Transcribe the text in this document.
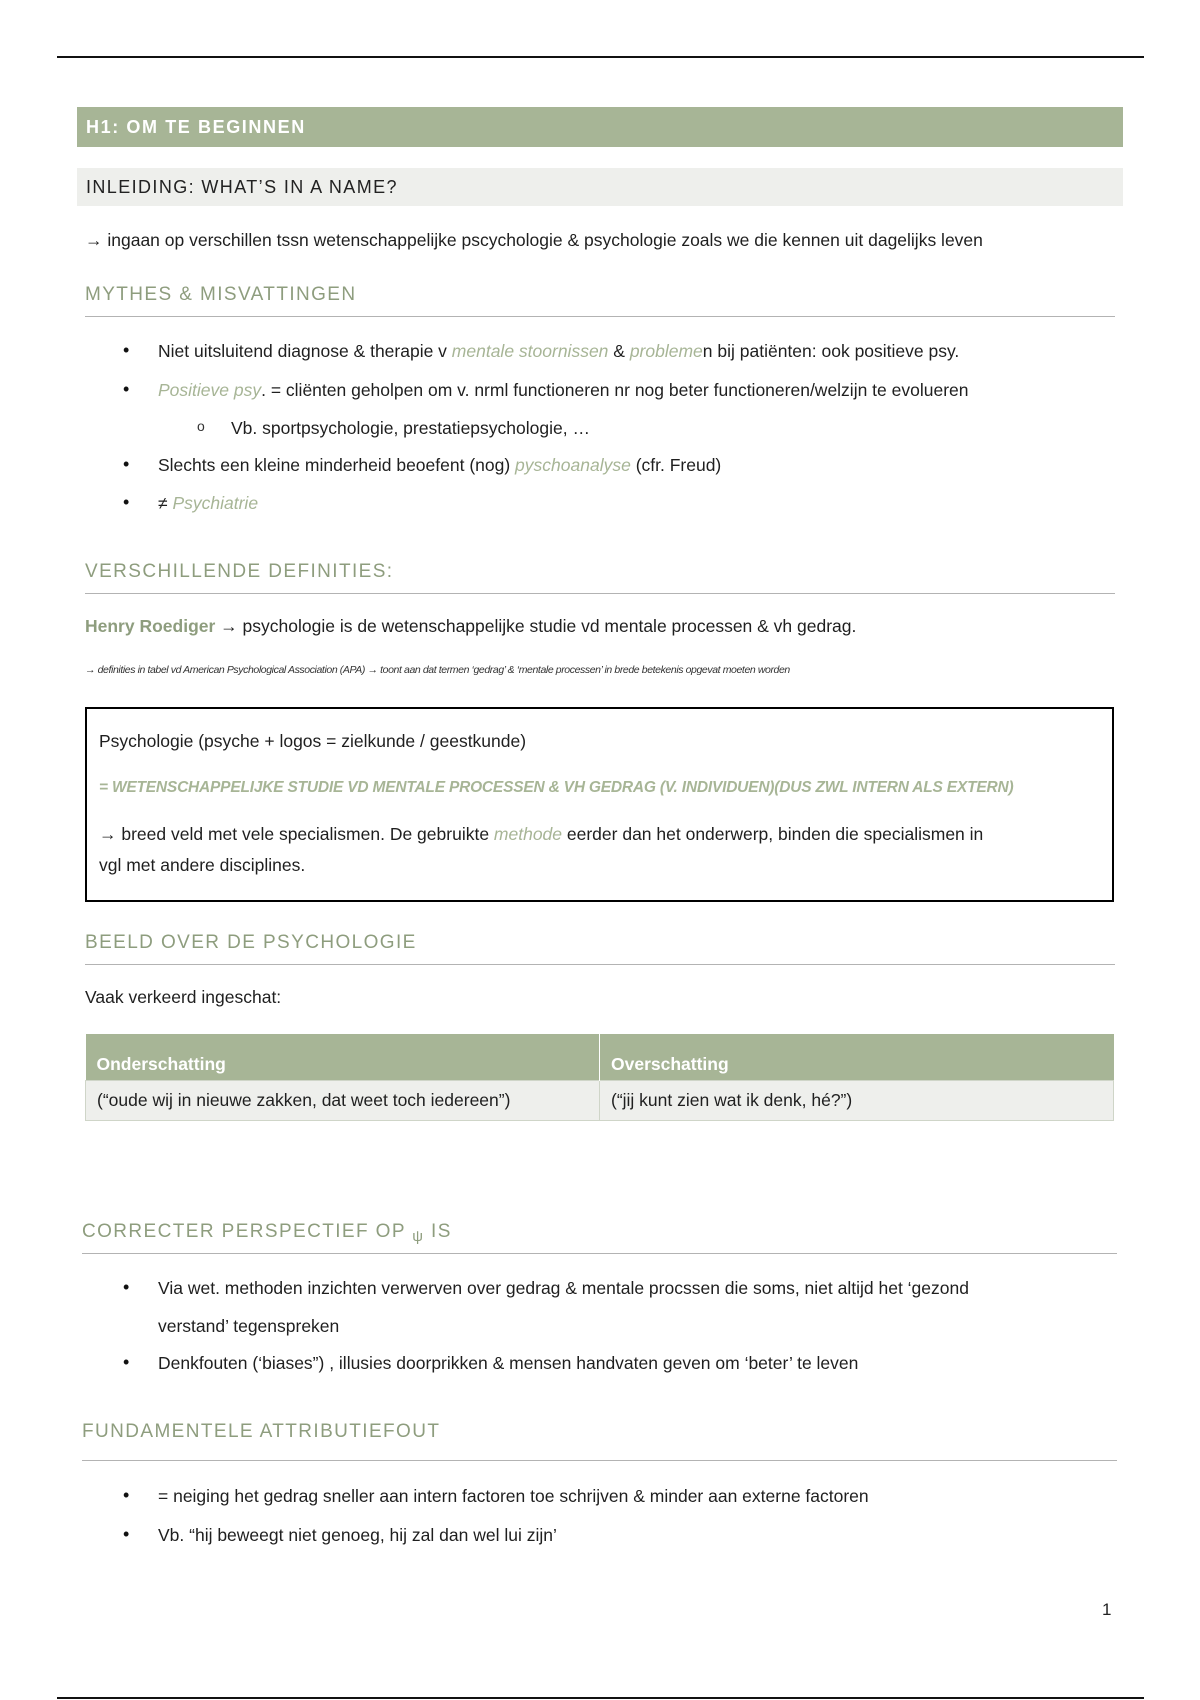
H1: OM TE BEGINNEN
INLEIDING: WHAT’S IN A NAME?
→ ingaan op verschillen tssn wetenschappelijke pscychologie & psychologie zoals we die kennen uit dagelijks leven
MYTHES & MISVATTINGEN
• Niet uitsluitend diagnose & therapie v mentale stoornissen & problemen bij patiënten: ook positieve psy.
• Positieve psy. = cliënten geholpen om v. nrml functioneren nr nog beter functioneren/welzijn te evolueren
o Vb. sportpsychologie, prestatiepsychologie, …
• Slechts een kleine minderheid beoefent (nog) pyschoanalyse (cfr. Freud)
• ≠ Psychiatrie
VERSCHILLENDE DEFINITIES:
Henry Roediger → psychologie is de wetenschappelijke studie vd mentale processen & vh gedrag.
→ definities in tabel vd American Psychological Association (APA) → toont aan dat termen ‘gedrag’ & ‘mentale processen’ in brede betekenis opgevat moeten worden
Psychologie (psyche + logos = zielkunde / geestkunde)
= WETENSCHAPPELIJKE STUDIE VD MENTALE PROCESSEN & VH GEDRAG (V. INDIVIDUEN)(DUS ZWL INTERN ALS EXTERN)
→ breed veld met vele specialismen. De gebruikte methode eerder dan het onderwerp, binden die specialismen in
vgl met andere disciplines.
BEELD OVER DE PSYCHOLOGIE
Vaak verkeerd ingeschat:
Onderschatting	Overschatting
(“oude wij in nieuwe zakken, dat weet toch iedereen”)	(“jij kunt zien wat ik denk, hé?”)
CORRECTER PERSPECTIEF OP $_\psi$ IS
• Via wet. methoden inzichten verwerven over gedrag & mentale procssen die soms, niet altijd het ‘gezond
verstand’ tegenspreken
• Denkfouten (‘biases”) , illusies doorprikken & mensen handvaten geven om ‘beter’ te leven
FUNDAMENTELE ATTRIBUTIEFOUT
• = neiging het gedrag sneller aan intern factoren toe schrijven & minder aan externe factoren
• Vb. “hij beweegt niet genoeg, hij zal dan wel lui zijn’
1
